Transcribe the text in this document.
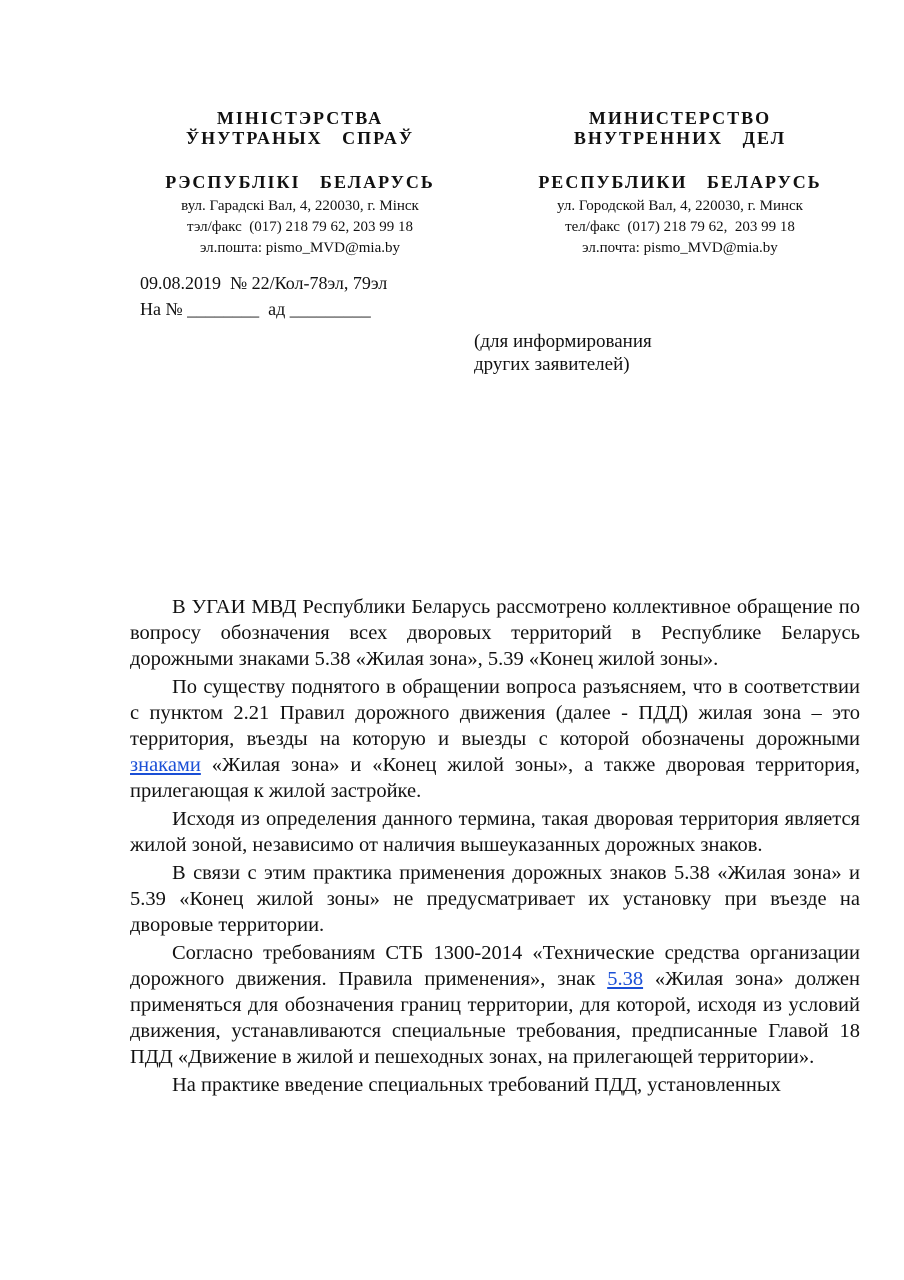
МІНІСТЭРСТВА

ЎНУТРАНЫХ   СПРАЎ

РЭСПУБЛІКІ   БЕЛАРУСЬ

вул. Гарадскі Вал, 4, 220030, г. Мінск

тэл/факс  (017) 218 79 62, 203 99 18

эл.пошта: pismo_MVD@mia.by

МИНИСТЕРСТВО

ВНУТРЕННИХ   ДЕЛ

РЕСПУБЛИКИ   БЕЛАРУСЬ

ул. Городской Вал, 4, 220030, г. Минск

тел/факс  (017) 218 79 62,  203 99 18

эл.почта: pismo_MVD@mia.by

09.08.2019  № 22/Кол-78эл, 79эл
На № ________  ад _________
(для информирования
других заявителей)

В УГАИ МВД Республики Беларусь рассмотрено коллективное обращение по вопросу обозначения всех дворовых территорий в Республике Беларусь дорожными знаками 5.38 «Жилая зона», 5.39 «Конец жилой зоны».

По существу поднятого в обращении вопроса разъясняем, что в соответствии с пунктом 2.21 Правил дорожного движения (далее - ПДД) жилая зона – это территория, въезды на которую и выезды с которой обозначены дорожными знаками «Жилая зона» и «Конец жилой зоны», а также дворовая территория, прилегающая к жилой застройке.

Исходя из определения данного термина, такая дворовая территория является жилой зоной, независимо от наличия вышеуказанных дорожных знаков.

В связи с этим практика применения дорожных знаков 5.38 «Жилая зона» и 5.39 «Конец жилой зоны» не предусматривает их установку при въезде на дворовые территории.

Согласно требованиям СТБ 1300-2014 «Технические средства организации дорожного движения. Правила применения», знак 5.38 «Жилая зона» должен применяться для обозначения границ территории, для которой, исходя из условий движения, устанавливаются специальные требования, предписанные Главой 18 ПДД «Движение в жилой и пешеходных зонах, на прилегающей территории».

На практике введение специальных требований ПДД, установленных
